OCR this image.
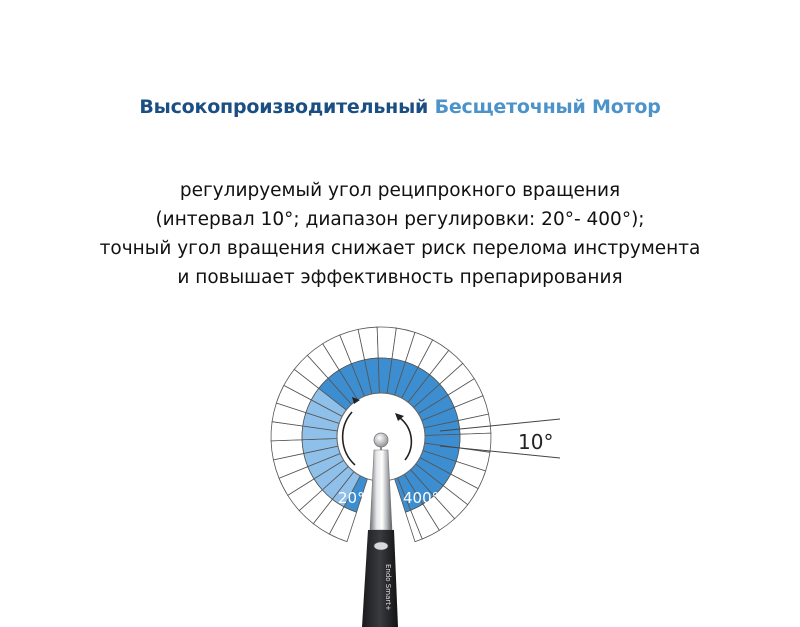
Высокопроизводительный Бесщеточный Мотор
регулируемый угол реципрокного вращения
(интервал 10°; диапазон регулировки: 20°- 400°);
точный угол вращения снижает риск перелома инструмента
и повышает эффективность препарирования
10°
20°	400°
Endo Smart+
